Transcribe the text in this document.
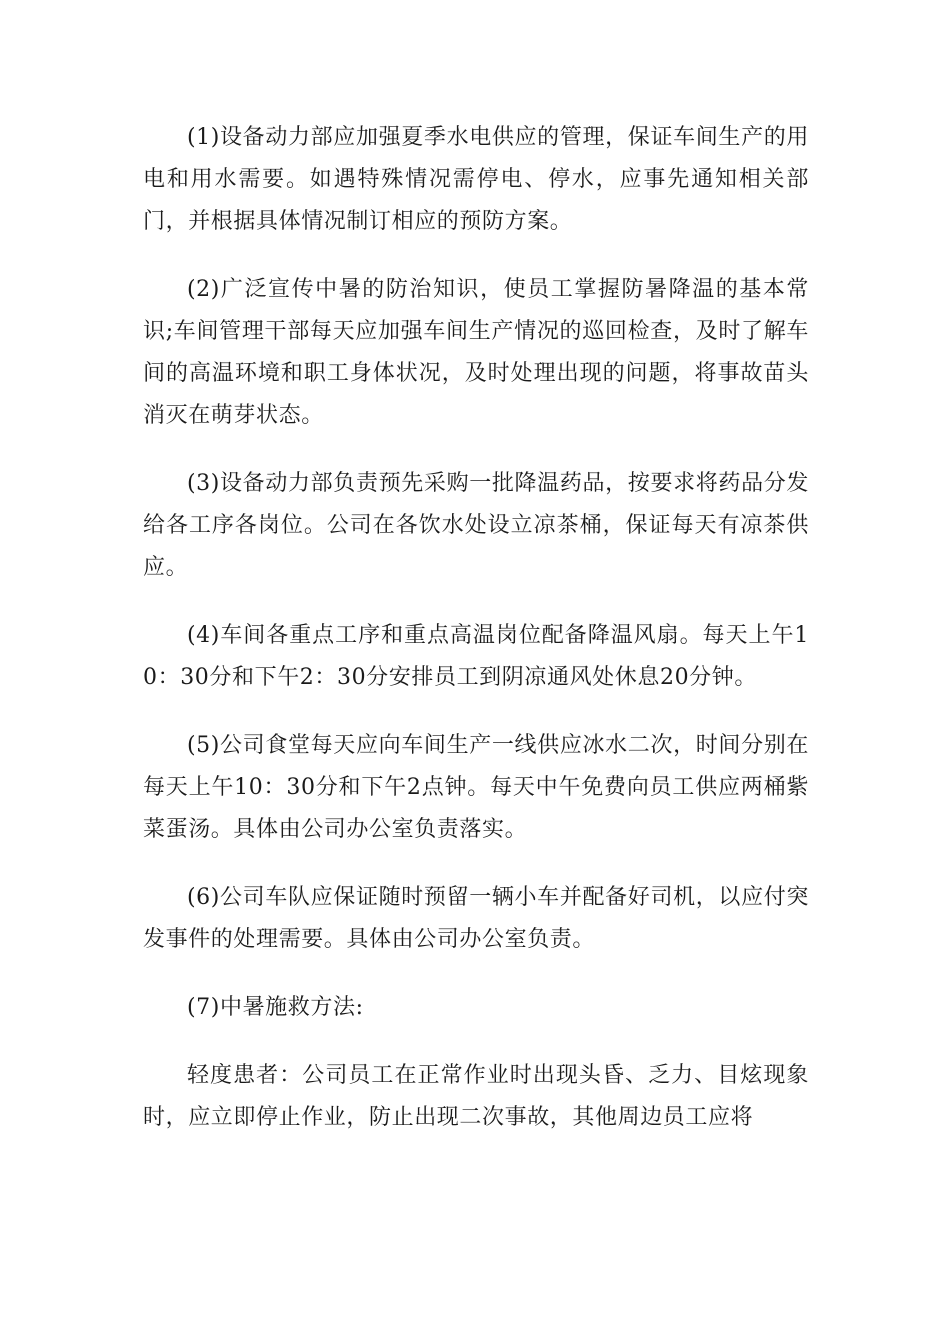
(1)设备动力部应加强夏季水电供应的管理，保证车间生产的用电和用水需要。如遇特殊情况需停电、停水，应事先通知相关部门，并根据具体情况制订相应的预防方案。

(2)广泛宣传中暑的防治知识，使员工掌握防暑降温的基本常识;车间管理干部每天应加强车间生产情况的巡回检查，及时了解车间的高温环境和职工身体状况，及时处理出现的问题，将事故苗头消灭在萌芽状态。

(3)设备动力部负责预先采购一批降温药品，按要求将药品分发给各工序各岗位。公司在各饮水处设立凉茶桶，保证每天有凉茶供应。

(4)车间各重点工序和重点高温岗位配备降温风扇。每天上午10：30分和下午2：30分安排员工到阴凉通风处休息20分钟。

(5)公司食堂每天应向车间生产一线供应冰水二次，时间分别在每天上午10：30分和下午2点钟。每天中午免费向员工供应两桶紫菜蛋汤。具体由公司办公室负责落实。

(6)公司车队应保证随时预留一辆小车并配备好司机，以应付突发事件的处理需要。具体由公司办公室负责。

(7)中暑施救方法:

轻度患者：公司员工在正常作业时出现头昏、乏力、目炫现象时，应立即停止作业，防止出现二次事故，其他周边员工应将
